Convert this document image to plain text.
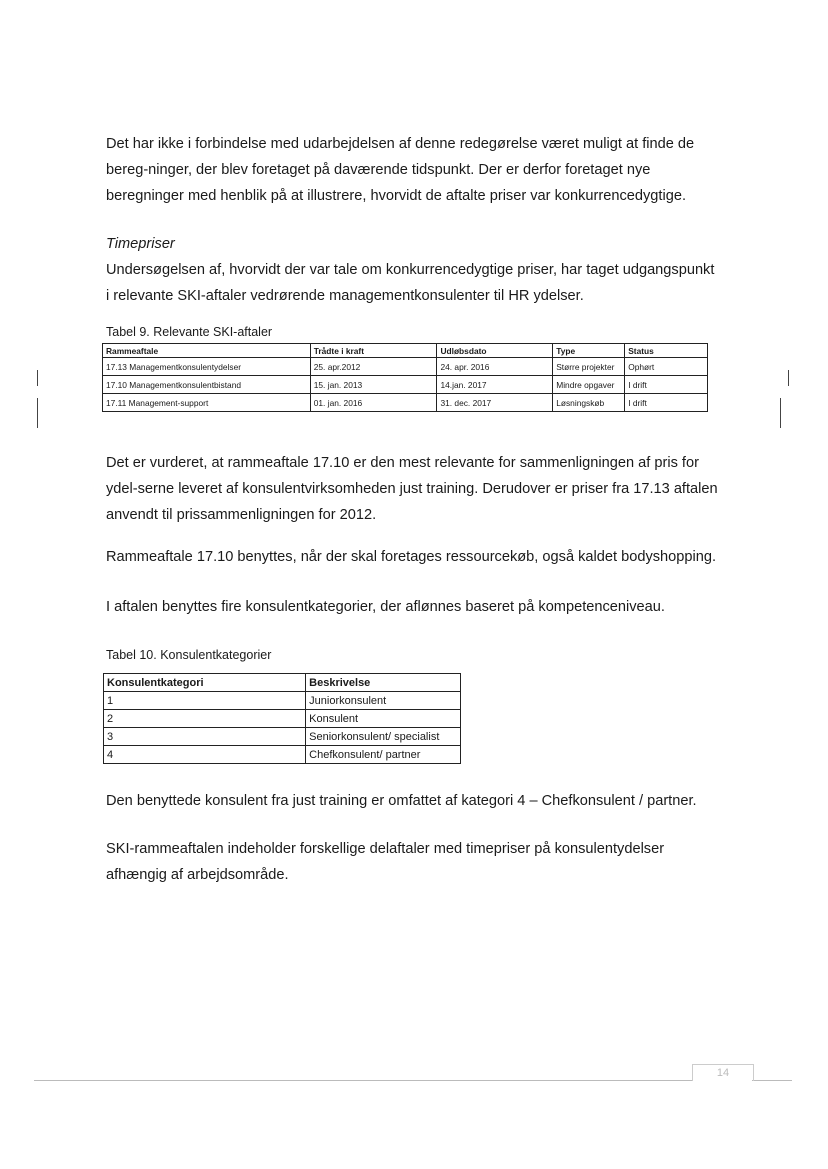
Det har ikke i forbindelse med udarbejdelsen af denne redegørelse været muligt at finde de bereg-ninger, der blev foretaget på daværende tidspunkt. Der er derfor foretaget nye beregninger med henblik på at illustrere, hvorvidt de aftalte priser var konkurrencedygtige.

Timepriser

Undersøgelsen af, hvorvidt der var tale om konkurrencedygtige priser, har taget udgangspunkt i relevante SKI-aftaler vedrørende managementkonsulenter til HR ydelser.

Tabel 9. Relevante SKI-aftaler

Rammeaftale	Trådte i kraft	Udløbsdato	Type	Status
17.13 Managementkonsulentydelser	25. apr.2012	24. apr. 2016	Større projekter	Ophørt
17.10 Managementkonsulentbistand	15. jan. 2013	14.jan. 2017	Mindre opgaver	I drift
17.11 Management-support	01. jan. 2016	31. dec. 2017	Løsningskøb	I drift

Det er vurderet, at rammeaftale 17.10 er den mest relevante for sammenligningen af pris for ydel-serne leveret af konsulentvirksomheden just training. Derudover er priser fra 17.13 aftalen anvendt til prissammenligningen for 2012.

Rammeaftale 17.10 benyttes, når der skal foretages ressourcekøb, også kaldet bodyshopping.

I aftalen benyttes fire konsulentkategorier, der aflønnes baseret på kompetenceniveau.

Tabel 10. Konsulentkategorier

Konsulentkategori	Beskrivelse
1	Juniorkonsulent
2	Konsulent
3	Seniorkonsulent/ specialist
4	Chefkonsulent/ partner

Den benyttede konsulent fra just training er omfattet af kategori 4 – Chefkonsulent / partner.

SKI-rammeaftalen indeholder forskellige delaftaler med timepriser på konsulentydelser afhængig af arbejdsområde.

14
